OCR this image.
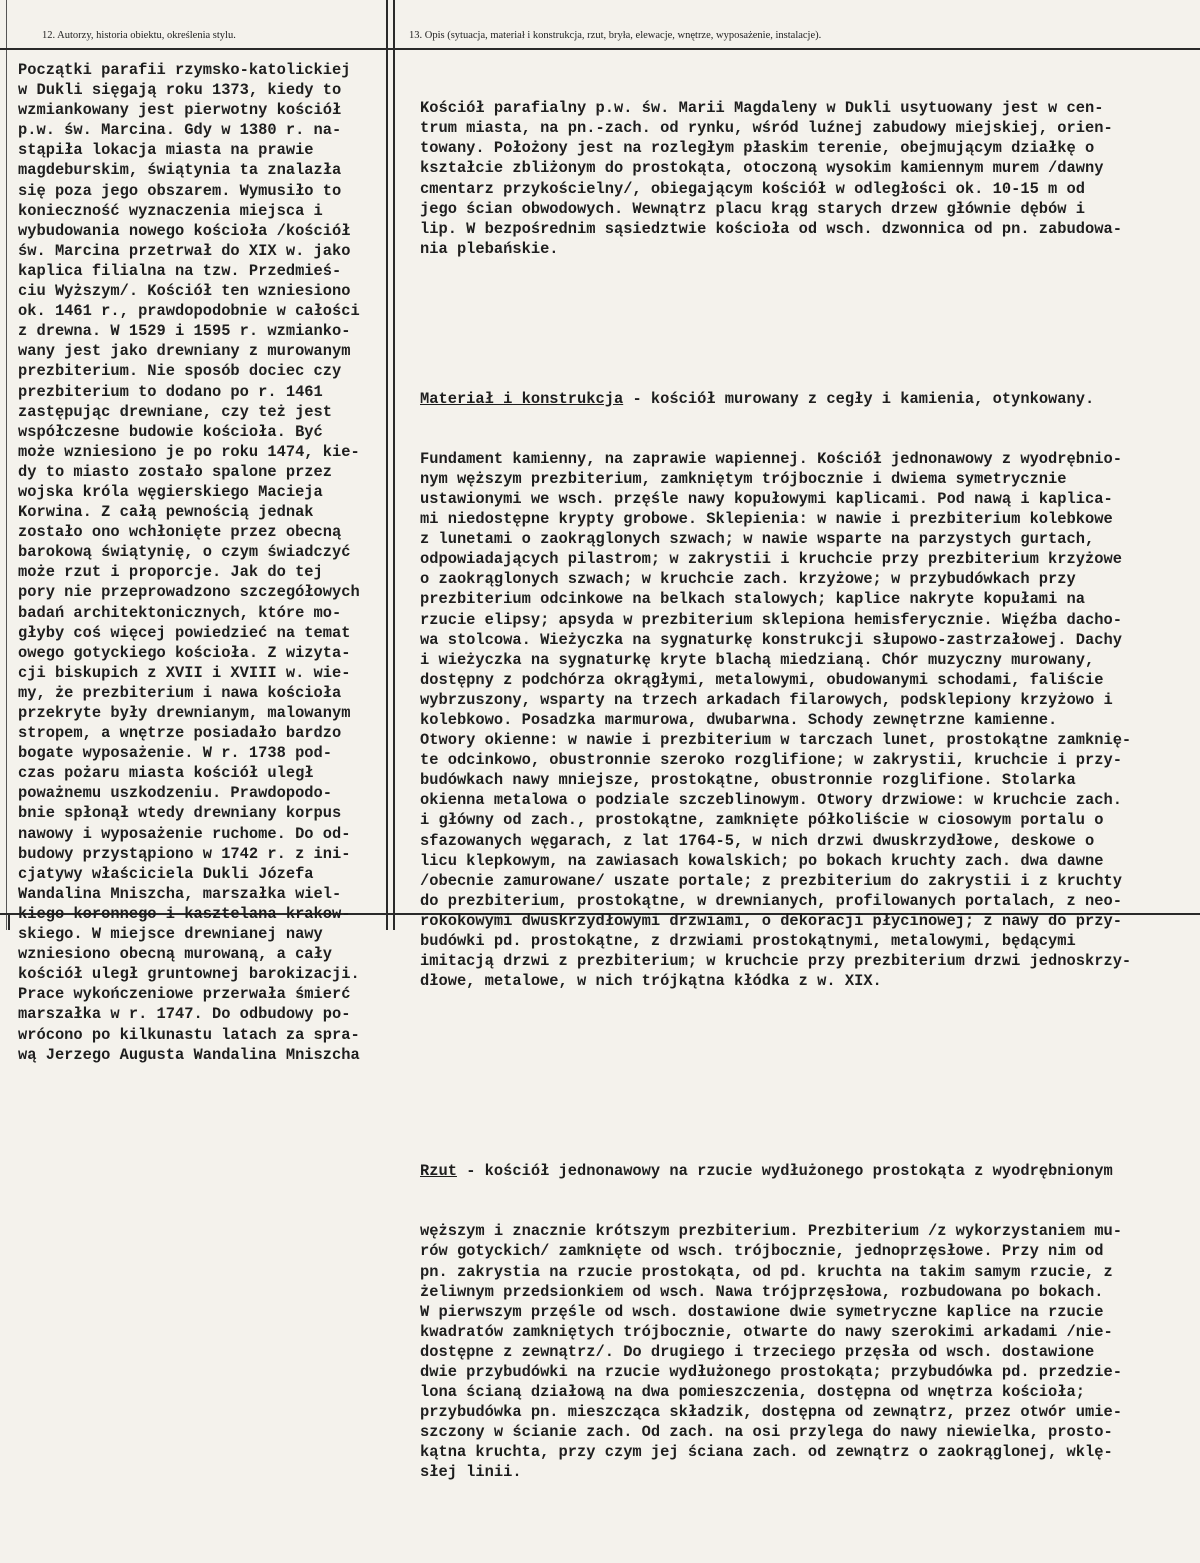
12. Autorzy, historia obiektu, określenia stylu.	13. Opis (sytuacja, materiał i konstrukcja, rzut, bryła, elewacje, wnętrze, wyposażenie, instalacje).
Początki parafii rzymsko-katolickiej
w Dukli sięgają roku 1373, kiedy to
wzmiankowany jest pierwotny kościół
p.w. św. Marcina. Gdy w 1380 r. na-
stąpiła lokacja miasta na prawie
magdeburskim, świątynia ta znalazła
się poza jego obszarem. Wymusiło to
konieczność wyznaczenia miejsca i
wybudowania nowego kościoła /kościół
św. Marcina przetrwał do XIX w. jako
kaplica filialna na tzw. Przedmieś-
ciu Wyższym/. Kościół ten wzniesiono
ok. 1461 r., prawdopodobnie w całości
z drewna. W 1529 i 1595 r. wzmianko-
wany jest jako drewniany z murowanym
prezbiterium. Nie sposób dociec czy
prezbiterium to dodano po r. 1461
zastępując drewniane, czy też jest
współczesne budowie kościoła. Być
może wzniesiono je po roku 1474, kie-
dy to miasto zostało spalone przez
wojska króla węgierskiego Macieja
Korwina. Z całą pewnością jednak
zostało ono wchłonięte przez obecną
barokową świątynię, o czym świadczyć
może rzut i proporcje. Jak do tej
pory nie przeprowadzono szczegółowych
badań architektonicznych, które mo-
głyby coś więcej powiedzieć na temat
owego gotyckiego kościoła. Z wizyta-
cji biskupich z XVII i XVIII w. wie-
my, że prezbiterium i nawa kościoła
przekryte były drewnianym, malowanym
stropem, a wnętrze posiadało bardzo
bogate wyposażenie. W r. 1738 pod-
czas pożaru miasta kościół uległ
poważnemu uszkodzeniu. Prawdopodo-
bnie spłonął wtedy drewniany korpus
nawowy i wyposażenie ruchome. Do od-
budowy przystąpiono w 1742 r. z ini-
cjatywy właściciela Dukli Józefa
Wandalina Mniszcha, marszałka wiel-
kiego koronnego i kasztelana krakow-
skiego. W miejsce drewnianej nawy
wzniesiono obecną murowaną, a cały
kościół uległ gruntownej barokizacji.
Prace wykończeniowe przerwała śmierć
marszałka w r. 1747. Do odbudowy po-
wrócono po kilkunastu latach za spra-
wą Jerzego Augusta Wandalina Mniszcha

Kościół parafialny p.w. św. Marii Magdaleny w Dukli usytuowany jest w cen-
trum miasta, na pn.-zach. od rynku, wśród luźnej zabudowy miejskiej, orien-
towany. Położony jest na rozległym płaskim terenie, obejmującym działkę o
kształcie zbliżonym do prostokąta, otoczoną wysokim kamiennym murem /dawny
cmentarz przykościelny/, obiegającym kościół w odległości ok. 10-15 m od
jego ścian obwodowych. Wewnątrz placu krąg starych drzew głównie dębów i
lip. W bezpośrednim sąsiedztwie kościoła od wsch. dzwonnica od pn. zabudowa-
nia plebańskie.

Materiał i konstrukcja - kościół murowany z cegły i kamienia, otynkowany.

Fundament kamienny, na zaprawie wapiennej. Kościół jednonawowy z wyodrębnio-
nym węższym prezbiterium, zamkniętym trójbocznie i dwiema symetrycznie
ustawionymi we wsch. przęśle nawy kopułowymi kaplicami. Pod nawą i kaplica-
mi niedostępne krypty grobowe. Sklepienia: w nawie i prezbiterium kolebkowe
z lunetami o zaokrąglonych szwach; w nawie wsparte na parzystych gurtach,
odpowiadających pilastrom; w zakrystii i kruchcie przy prezbiterium krzyżowe
o zaokrąglonych szwach; w kruchcie zach. krzyżowe; w przybudówkach przy
prezbiterium odcinkowe na belkach stalowych; kaplice nakryte kopułami na
rzucie elipsy; apsyda w prezbiterium sklepiona hemisferycznie. Więźba dacho-
wa stolcowa. Wieżyczka na sygnaturkę konstrukcji słupowo-zastrzałowej. Dachy
i wieżyczka na sygnaturkę kryte blachą miedzianą. Chór muzyczny murowany,
dostępny z podchórza okrągłymi, metalowymi, obudowanymi schodami, faliście
wybrzuszony, wsparty na trzech arkadach filarowych, podsklepiony krzyżowo i
kolebkowo. Posadzka marmurowa, dwubarwna. Schody zewnętrzne kamienne.
Otwory okienne: w nawie i prezbiterium w tarczach lunet, prostokątne zamknię-
te odcinkowo, obustronnie szeroko rozglifione; w zakrystii, kruchcie i przy-
budówkach nawy mniejsze, prostokątne, obustronnie rozglifione. Stolarka
okienna metalowa o podziale szczeblinowym. Otwory drzwiowe: w kruchcie zach.
i główny od zach., prostokątne, zamknięte półkoliście w ciosowym portalu o
sfazowanych węgarach, z lat 1764-5, w nich drzwi dwuskrzydłowe, deskowe o
licu klepkowym, na zawiasach kowalskich; po bokach kruchty zach. dwa dawne
/obecnie zamurowane/ uszate portale; z prezbiterium do zakrystii i z kruchty
do prezbiterium, prostokątne, w drewnianych, profilowanych portalach, z neo-
rokokowymi dwuskrzydłowymi drzwiami, o dekoracji płycinowej; z nawy do przy-
budówki pd. prostokątne, z drzwiami prostokątnymi, metalowymi, będącymi
imitacją drzwi z prezbiterium; w kruchcie przy prezbiterium drzwi jednoskrzy-
dłowe, metalowe, w nich trójkątna kłódka z w. XIX.

Rzut - kościół jednonawowy na rzucie wydłużonego prostokąta z wyodrębnionym

węższym i znacznie krótszym prezbiterium. Prezbiterium /z wykorzystaniem mu-
rów gotyckich/ zamknięte od wsch. trójbocznie, jednoprzęsłowe. Przy nim od
pn. zakrystia na rzucie prostokąta, od pd. kruchta na takim samym rzucie, z
żeliwnym przedsionkiem od wsch. Nawa trójprzęsłowa, rozbudowana po bokach.
W pierwszym przęśle od wsch. dostawione dwie symetryczne kaplice na rzucie
kwadratów zamkniętych trójbocznie, otwarte do nawy szerokimi arkadami /nie-
dostępne z zewnątrz/. Do drugiego i trzeciego przęsła od wsch. dostawione
dwie przybudówki na rzucie wydłużonego prostokąta; przybudówka pd. przedzie-
lona ścianą działową na dwa pomieszczenia, dostępna od wnętrza kościoła;
przybudówka pn. mieszcząca składzik, dostępna od zewnątrz, przez otwór umie-
szczony w ścianie zach. Od zach. na osi przylega do nawy niewielka, prosto-
kątna kruchta, przy czym jej ściana zach. od zewnątrz o zaokrąglonej, wklę-
słej linii.
